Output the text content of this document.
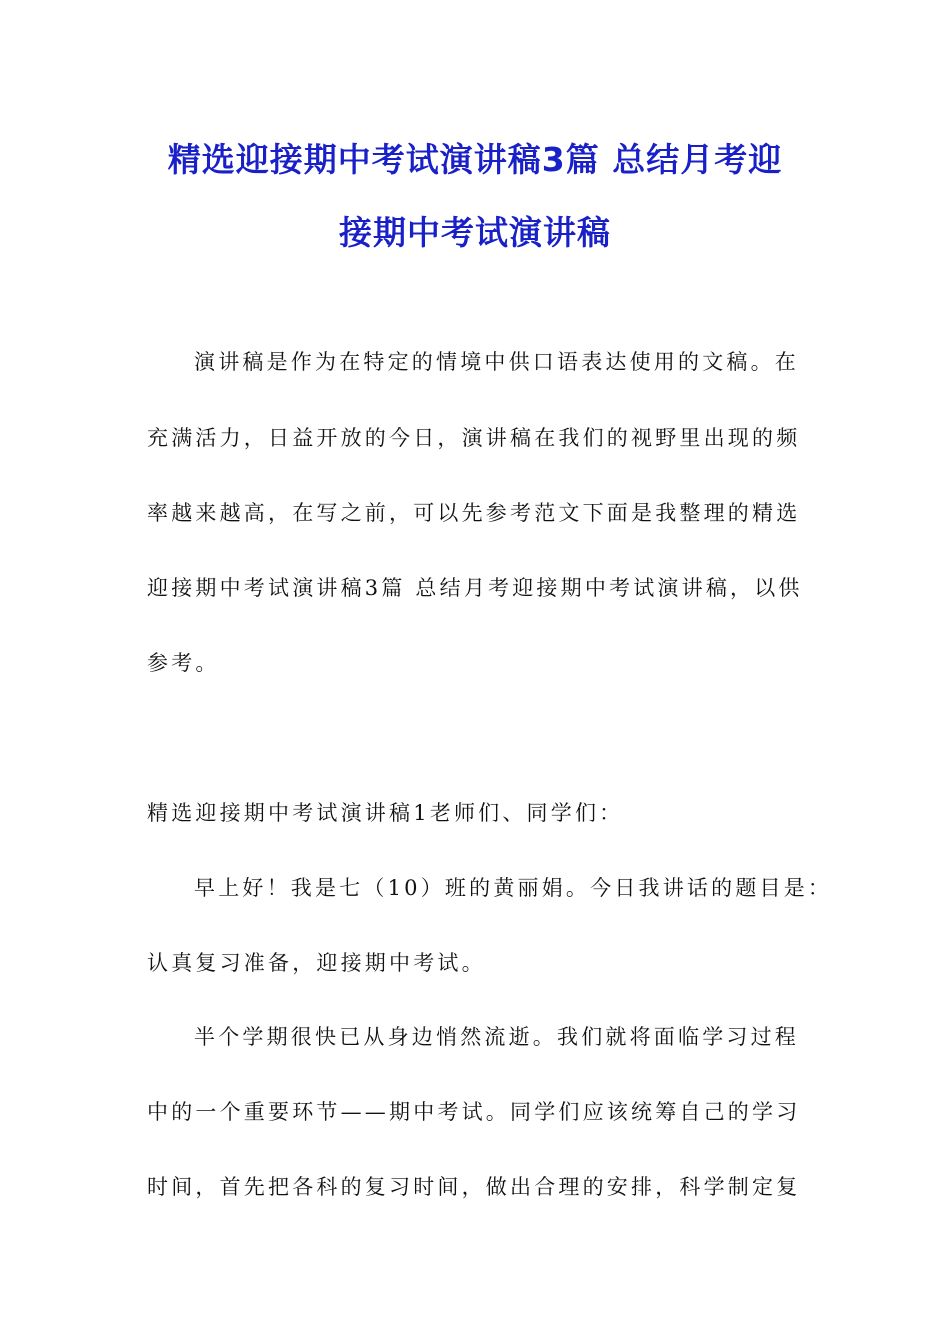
精选迎接期中考试演讲稿3篇 总结月考迎
接期中考试演讲稿
演讲稿是作为在特定的情境中供口语表达使用的文稿。在
充满活力，日益开放的今日，演讲稿在我们的视野里出现的频
率越来越高，在写之前，可以先参考范文下面是我整理的精选
迎接期中考试演讲稿3篇 总结月考迎接期中考试演讲稿，以供
参考。
精选迎接期中考试演讲稿1老师们、同学们：
早上好！我是七（10）班的黄丽娟。今日我讲话的题目是：
认真复习准备，迎接期中考试。
半个学期很快已从身边悄然流逝。我们就将面临学习过程
中的一个重要环节——期中考试。同学们应该统筹自己的学习
时间，首先把各科的复习时间，做出合理的安排，科学制定复
